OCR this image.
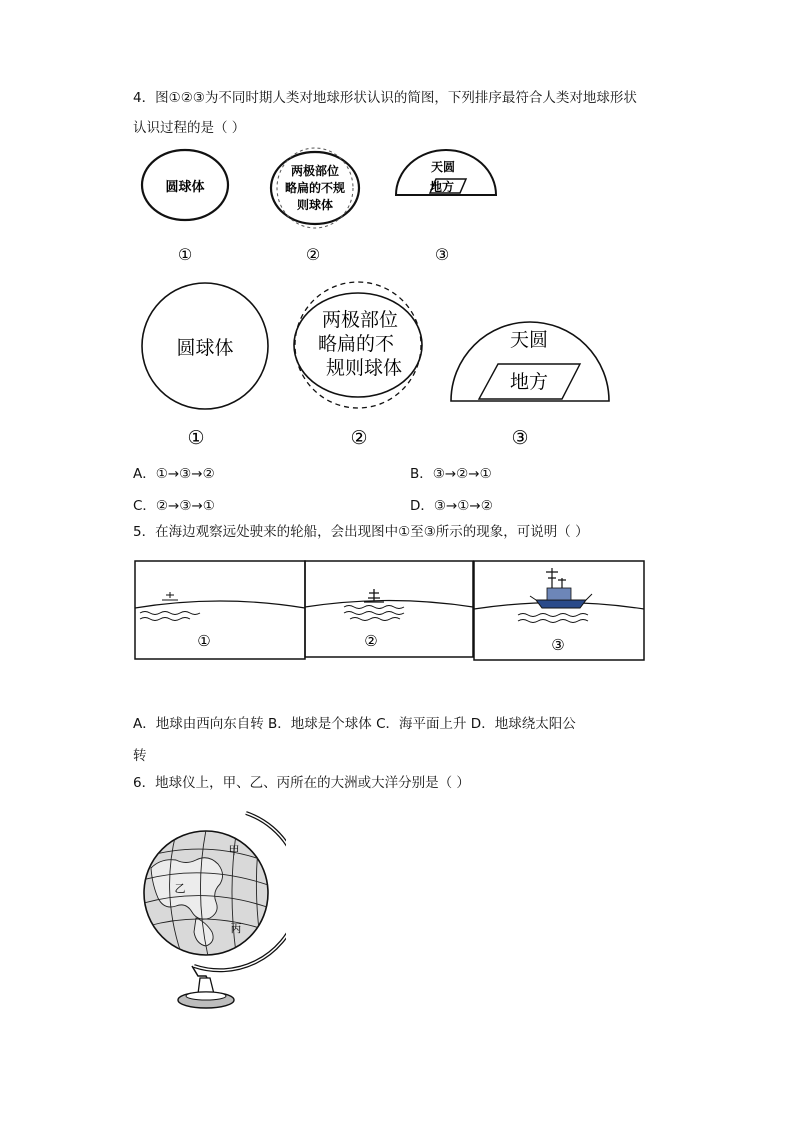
4．图①②③为不同时期人类对地球形状认识的简图，下列排序最符合人类对地球形状
认识过程的是（ ）
圆球体
两极部位
略扁的不规
则球体
天圆
地方
①	②	③
圆球体
两极部位
略扁的不
规则球体
天圆
地方
①	②	③
A．①→③→②	B．③→②→①
C．②→③→①	D．③→①→②
5．在海边观察远处驶来的轮船，会出现图中①至③所示的现象，可说明（ ）
①	②	③
A．地球由西向东自转 B．地球是个球体 C．海平面上升 D．地球绕太阳公
转
6．地球仪上，甲、乙、丙所在的大洲或大洋分别是（ ）
甲
乙
丙
